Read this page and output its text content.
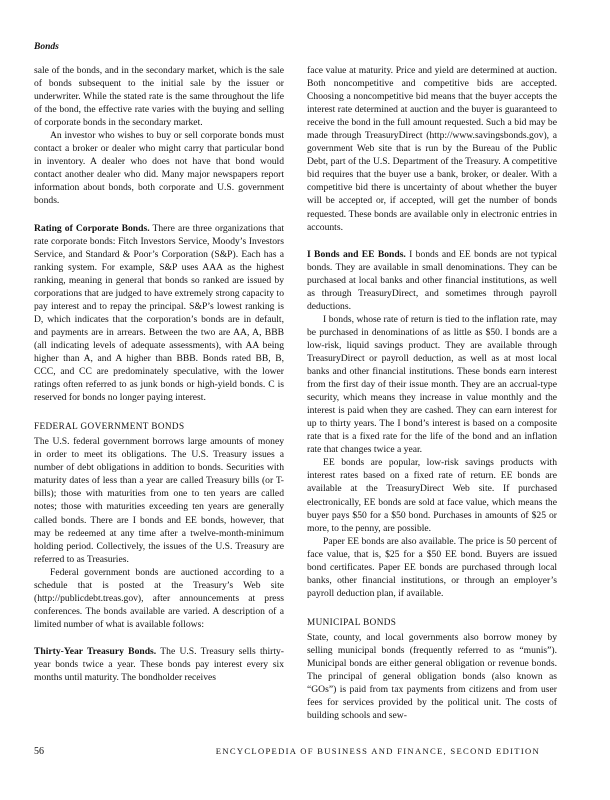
Bonds

sale of the bonds, and in the secondary market, which is the sale of bonds subsequent to the initial sale by the issuer or underwriter. While the stated rate is the same throughout the life of the bond, the effective rate varies with the buying and selling of corporate bonds in the secondary market.

An investor who wishes to buy or sell corporate bonds must contact a broker or dealer who might carry that particular bond in inventory. A dealer who does not have that bond would contact another dealer who did. Many major newspapers report information about bonds, both corporate and U.S. government bonds.

Rating of Corporate Bonds. There are three organizations that rate corporate bonds: Fitch Investors Service, Moody’s Investors Service, and Standard & Poor’s Corporation (S&P). Each has a ranking system. For example, S&P uses AAA as the highest ranking, meaning in general that bonds so ranked are issued by corporations that are judged to have extremely strong capacity to pay interest and to repay the principal. S&P’s lowest ranking is D, which indicates that the corporation’s bonds are in default, and payments are in arrears. Between the two are AA, A, BBB (all indicating levels of adequate assessments), with AA being higher than A, and A higher than BBB. Bonds rated BB, B, CCC, and CC are predominately speculative, with the lower ratings often referred to as junk bonds or high-yield bonds. C is reserved for bonds no longer paying interest.

FEDERAL GOVERNMENT BONDS

The U.S. federal government borrows large amounts of money in order to meet its obligations. The U.S. Treasury issues a number of debt obligations in addition to bonds. Securities with maturity dates of less than a year are called Treasury bills (or T-bills); those with maturities from one to ten years are called notes; those with maturities exceeding ten years are generally called bonds. There are I bonds and EE bonds, however, that may be redeemed at any time after a twelve-month-minimum holding period. Collectively, the issues of the U.S. Treasury are referred to as Treasuries.

Federal government bonds are auctioned according to a schedule that is posted at the Treasury’s Web site (http://publicdebt.treas.gov), after announcements at press conferences. The bonds available are varied. A description of a limited number of what is available follows:

Thirty-Year Treasury Bonds. The U.S. Treasury sells thirty-year bonds twice a year. These bonds pay interest every six months until maturity. The bondholder receives

face value at maturity. Price and yield are determined at auction. Both noncompetitive and competitive bids are accepted. Choosing a noncompetitive bid means that the buyer accepts the interest rate determined at auction and the buyer is guaranteed to receive the bond in the full amount requested. Such a bid may be made through TreasuryDirect (http://www.savingsbonds.gov), a government Web site that is run by the Bureau of the Public Debt, part of the U.S. Department of the Treasury. A competitive bid requires that the buyer use a bank, broker, or dealer. With a competitive bid there is uncertainty of about whether the buyer will be accepted or, if accepted, will get the number of bonds requested. These bonds are available only in electronic entries in accounts.

I Bonds and EE Bonds. I bonds and EE bonds are not typical bonds. They are available in small denominations. They can be purchased at local banks and other financial institutions, as well as through TreasuryDirect, and sometimes through payroll deductions.

I bonds, whose rate of return is tied to the inflation rate, may be purchased in denominations of as little as $50. I bonds are a low-risk, liquid savings product. They are available through TreasuryDirect or payroll deduction, as well as at most local banks and other financial institutions. These bonds earn interest from the first day of their issue month. They are an accrual-type security, which means they increase in value monthly and the interest is paid when they are cashed. They can earn interest for up to thirty years. The I bond’s interest is based on a composite rate that is a fixed rate for the life of the bond and an inflation rate that changes twice a year.

EE bonds are popular, low-risk savings products with interest rates based on a fixed rate of return. EE bonds are available at the TreasuryDirect Web site. If purchased electronically, EE bonds are sold at face value, which means the buyer pays $50 for a $50 bond. Purchases in amounts of $25 or more, to the penny, are possible.

Paper EE bonds are also available. The price is 50 percent of face value, that is, $25 for a $50 EE bond. Buyers are issued bond certificates. Paper EE bonds are purchased through local banks, other financial institutions, or through an employer’s payroll deduction plan, if available.

MUNICIPAL BONDS

State, county, and local governments also borrow money by selling municipal bonds (frequently referred to as “munis”). Municipal bonds are either general obligation or revenue bonds. The principal of general obligation bonds (also known as “GOs”) is paid from tax payments from citizens and from user fees for services provided by the political unit. The costs of building schools and sew-

56	ENCYCLOPEDIA OF BUSINESS AND FINANCE, SECOND EDITION
